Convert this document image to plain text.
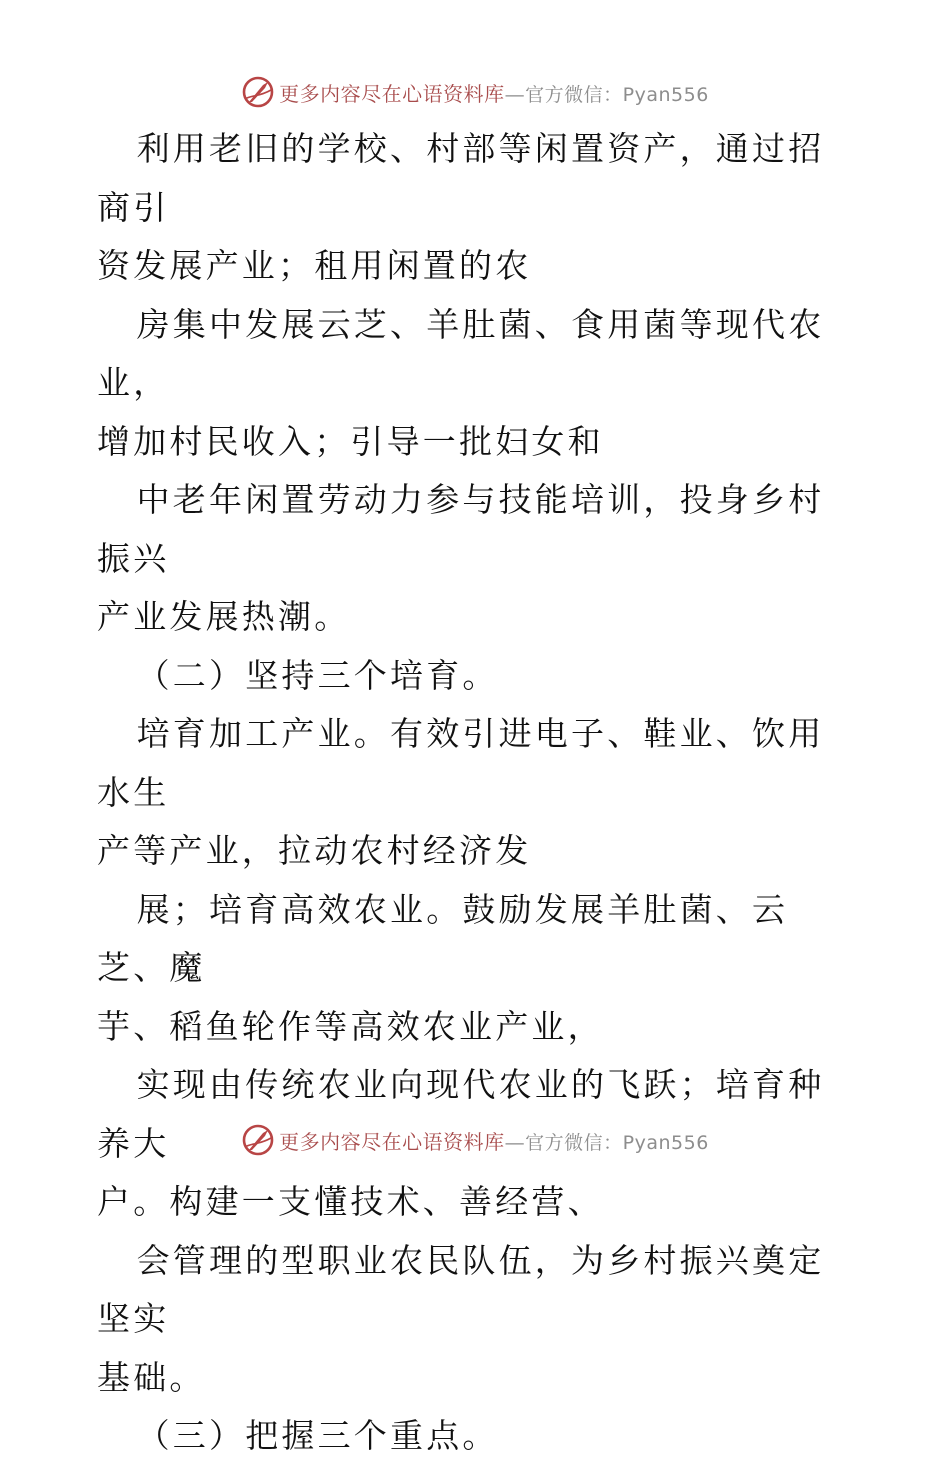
更多内容尽在心语资料库—官方微信：Pyan556

利用老旧的学校、村部等闲置资产，通过招商引
资发展产业；租用闲置的农

房集中发展云芝、羊肚菌、食用菌等现代农业，
增加村民收入；引导一批妇女和

中老年闲置劳动力参与技能培训，投身乡村振兴
产业发展热潮。

（二）坚持三个培育。

培育加工产业。有效引进电子、鞋业、饮用水生
产等产业，拉动农村经济发

展；培育高效农业。鼓励发展羊肚菌、云芝、魔
芋、稻鱼轮作等高效农业产业，

实现由传统农业向现代农业的飞跃；培育种养大
户。构建一支懂技术、善经营、

会管理的型职业农民队伍，为乡村振兴奠定坚实
基础。

（三）把握三个重点。

更多内容尽在心语资料库—官方微信：Pyan556
